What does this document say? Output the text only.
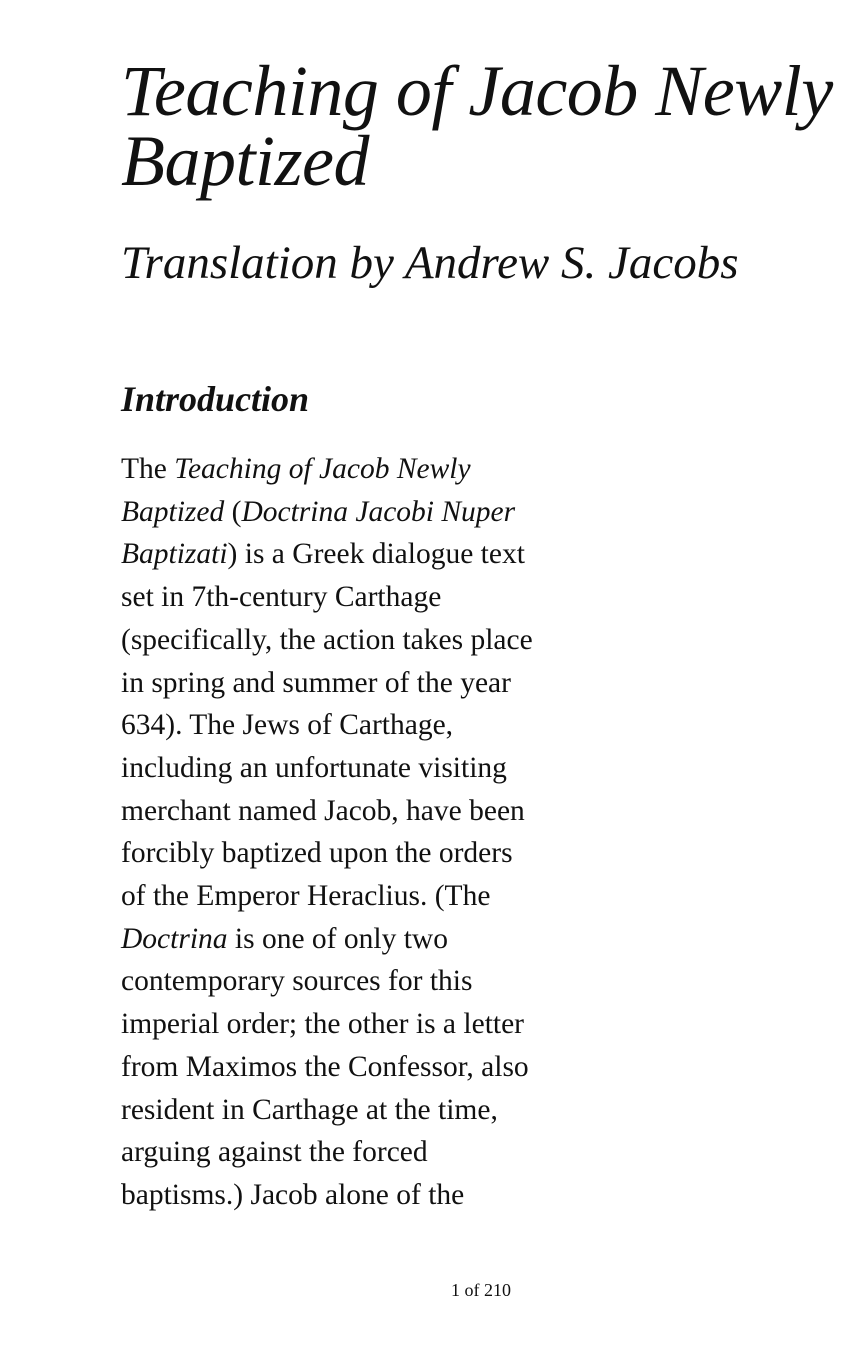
Teaching of Jacob Newly
Baptized
Translation by Andrew S. Jacobs
Introduction

The Teaching of Jacob Newly
Baptized (Doctrina Jacobi Nuper
Baptizati) is a Greek dialogue text
set in 7th-century Carthage
(specifically, the action takes place
in spring and summer of the year
634). The Jews of Carthage,
including an unfortunate visiting
merchant named Jacob, have been
forcibly baptized upon the orders
of the Emperor Heraclius. (The
Doctrina is one of only two
contemporary sources for this
imperial order; the other is a letter
from Maximos the Confessor, also
resident in Carthage at the time,
arguing against the forced
baptisms.) Jacob alone of the

1 of 210
